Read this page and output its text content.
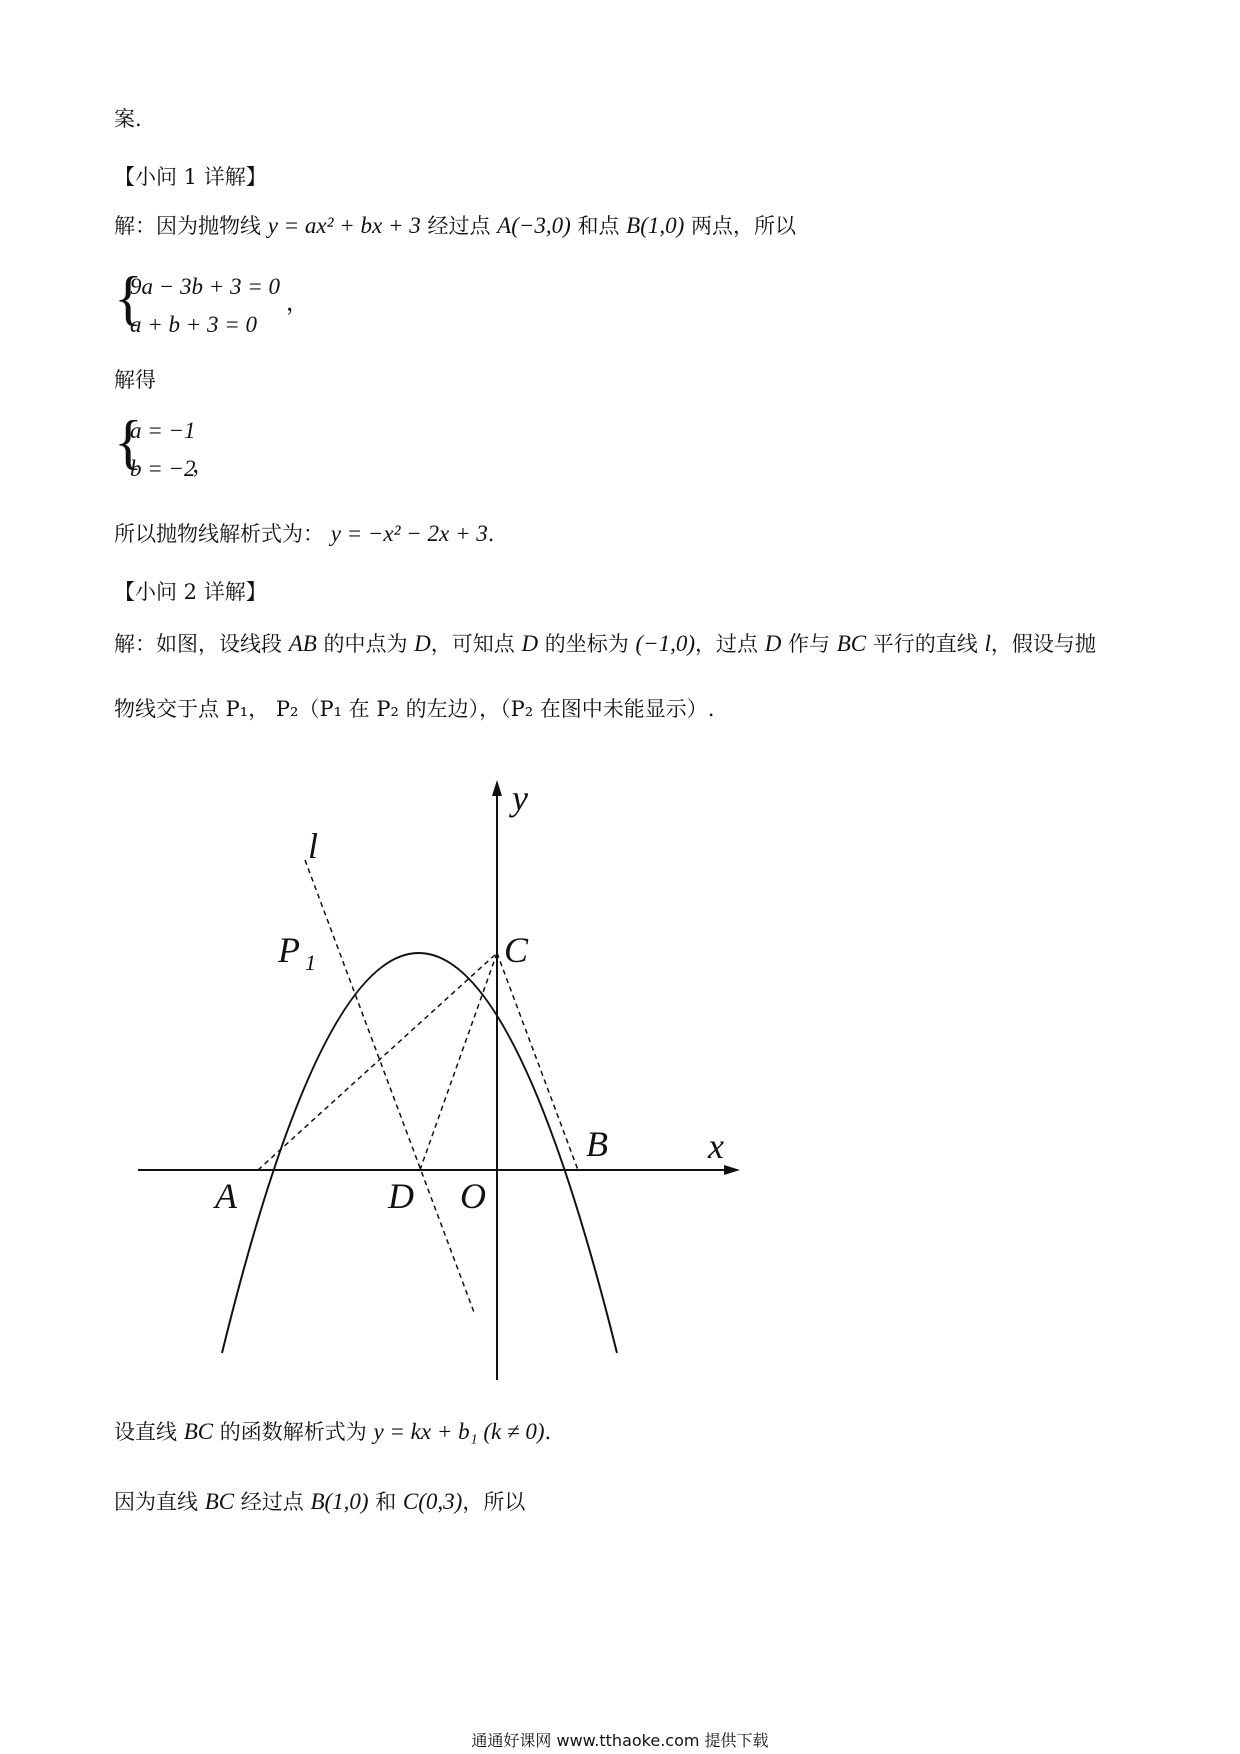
案.
【小问 1 详解】
解：因为抛物线 y = ax² + bx + 3 经过点 A(−3,0) 和点 B(1,0) 两点，所以
{
9a − 3b + 3 = 0
a + b + 3 = 0
，
解得
{
a = −1
b = −2
，
所以抛物线解析式为： y = −x² − 2x + 3.
【小问 2 详解】
解：如图，设线段 AB 的中点为 D，可知点 D 的坐标为 (−1,0)，过点 D 作与 BC 平行的直线 l，假设与抛
物线交于点 P₁， P₂（P₁ 在 P₂ 的左边），（P₂ 在图中未能显示）.
y
x
l
P 1	C
A	D O
B
设直线 BC 的函数解析式为 y = kx + b₁ (k ≠ 0).
因为直线 BC 经过点 B(1,0) 和 C(0,3)，所以
通通好课网 www.tthaoke.com 提供下载
